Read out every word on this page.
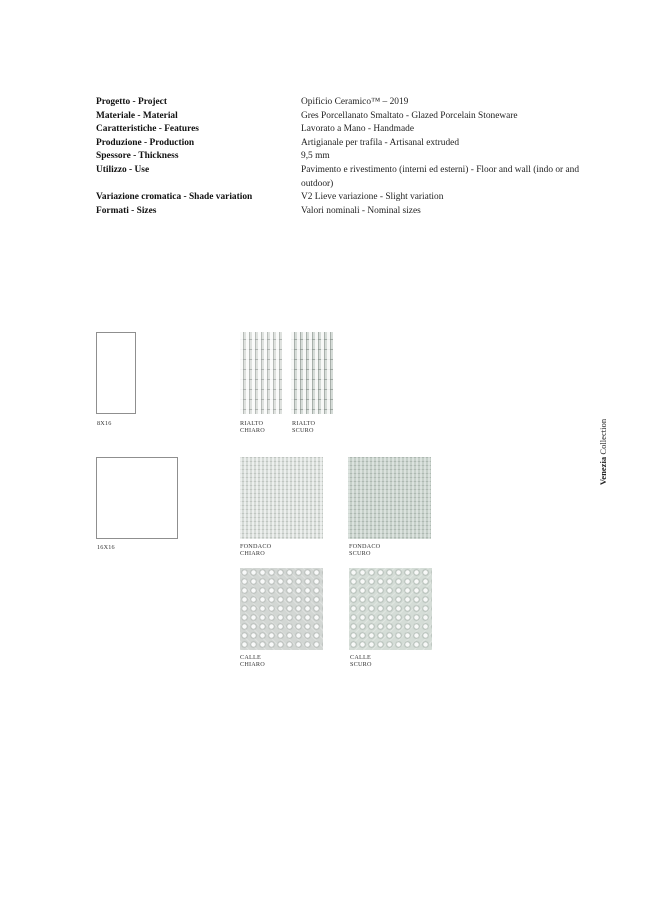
Progetto - Project	Opificio Ceramico™ – 2019
Materiale - Material	Gres Porcellanato Smaltato - Glazed Porcelain Stoneware
Caratteristiche - Features	Lavorato a Mano - Handmade
Produzione - Production	Artigianale per trafila - Artisanal extruded
Spessore - Thickness	9,5 mm
Utilizzo - Use	Pavimento e rivestimento (interni ed esterni) - Floor and wall (indo or and outdoor)
Variazione cromatica - Shade variation	V2 Lieve variazione - Slight variation
Formati - Sizes	Valori nominali - Nominal sizes
8X16	RIALTO
CHIARO
RIALTO
SCURO
16X16	FONDACO
CHIARO
FONDACO
SCURO
CALLE
CHIARO
CALLE
SCURO
Venezia Collection
